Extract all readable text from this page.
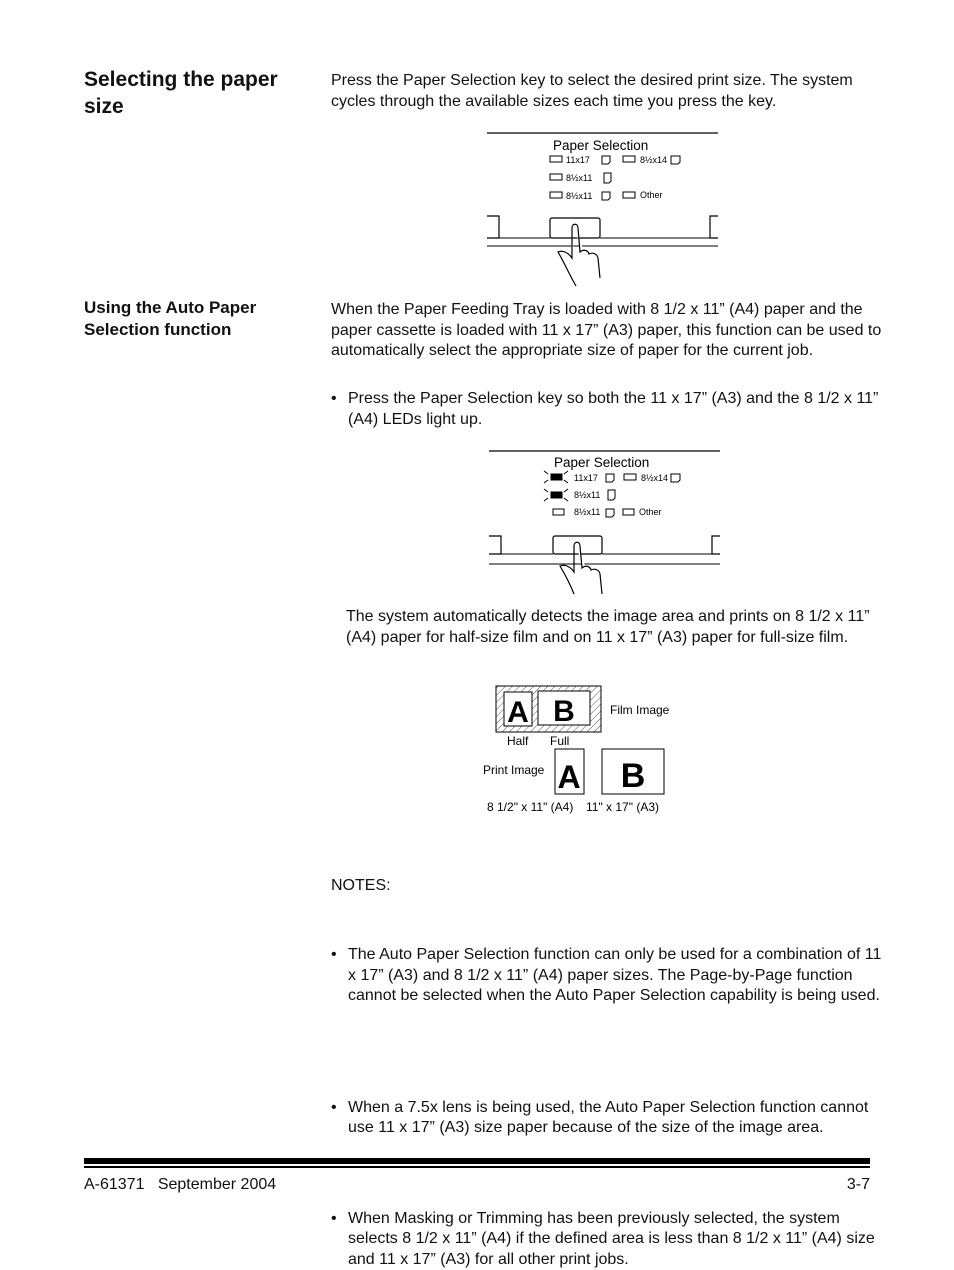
Selecting the paper size
Press the Paper Selection key to select the desired print size. The system cycles through the available sizes each time you press the key.
Paper Selection
11x17	8½x14
8½x11
8½x11	Other
Using the Auto Paper Selection function
When the Paper Feeding Tray is loaded with 8 1/2 x 11” (A4) paper and the paper cassette is loaded with 11 x 17” (A3) paper, this function can be used to automatically select the appropriate size of paper for the current job.
• Press the Paper Selection key so both the 11 x 17” (A3) and the 8 1/2 x 11” (A4) LEDs light up.
Paper Selection
11x17	8½x14
8½x11
8½x11	Other
The system automatically detects the image area and prints on 8 1/2 x 11” (A4) paper for half-size film and on 11 x 17” (A3) paper for full-size film.
A B	Film Image
Half Full
Print Image A B
8 1/2" x 11" (A4) 11" x 17" (A3)
NOTES:
• The Auto Paper Selection function can only be used for a combination of 11 x 17” (A3) and 8 1/2 x 11” (A4) paper sizes. The Page-by-Page function cannot be selected when the Auto Paper Selection capability is being used.
• When a 7.5x lens is being used, the Auto Paper Selection function cannot use 11 x 17” (A3) size paper because of the size of the image area.
• When Masking or Trimming has been previously selected, the system selects 8 1/2 x 11” (A4) if the defined area is less than 8 1/2 x 11” (A4) size and 11 x 17” (A3) for all other print jobs.
A-61371   September 2004	3-7
